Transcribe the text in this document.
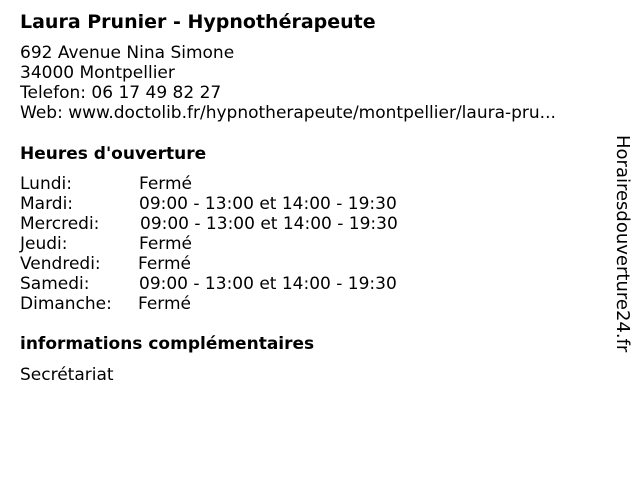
Laura Prunier - Hypnothérapeute
692 Avenue Nina Simone
34000 Montpellier
Telefon: 06 17 49 82 27
Web: www.doctolib.fr/hypnotherapeute/montpellier/laura-pru...
Heures d'ouverture
Lundi:	Fermé
Mardi:	09:00 - 13:00 et 14:00 - 19:30
Mercredi: 09:00 - 13:00 et 14:00 - 19:30
Jeudi:	Fermé
Vendredi: Fermé
Samedi:	09:00 - 13:00 et 14:00 - 19:30
Dimanche: Fermé
informations complémentaires
Secrétariat
Horairesdouverture24.fr
